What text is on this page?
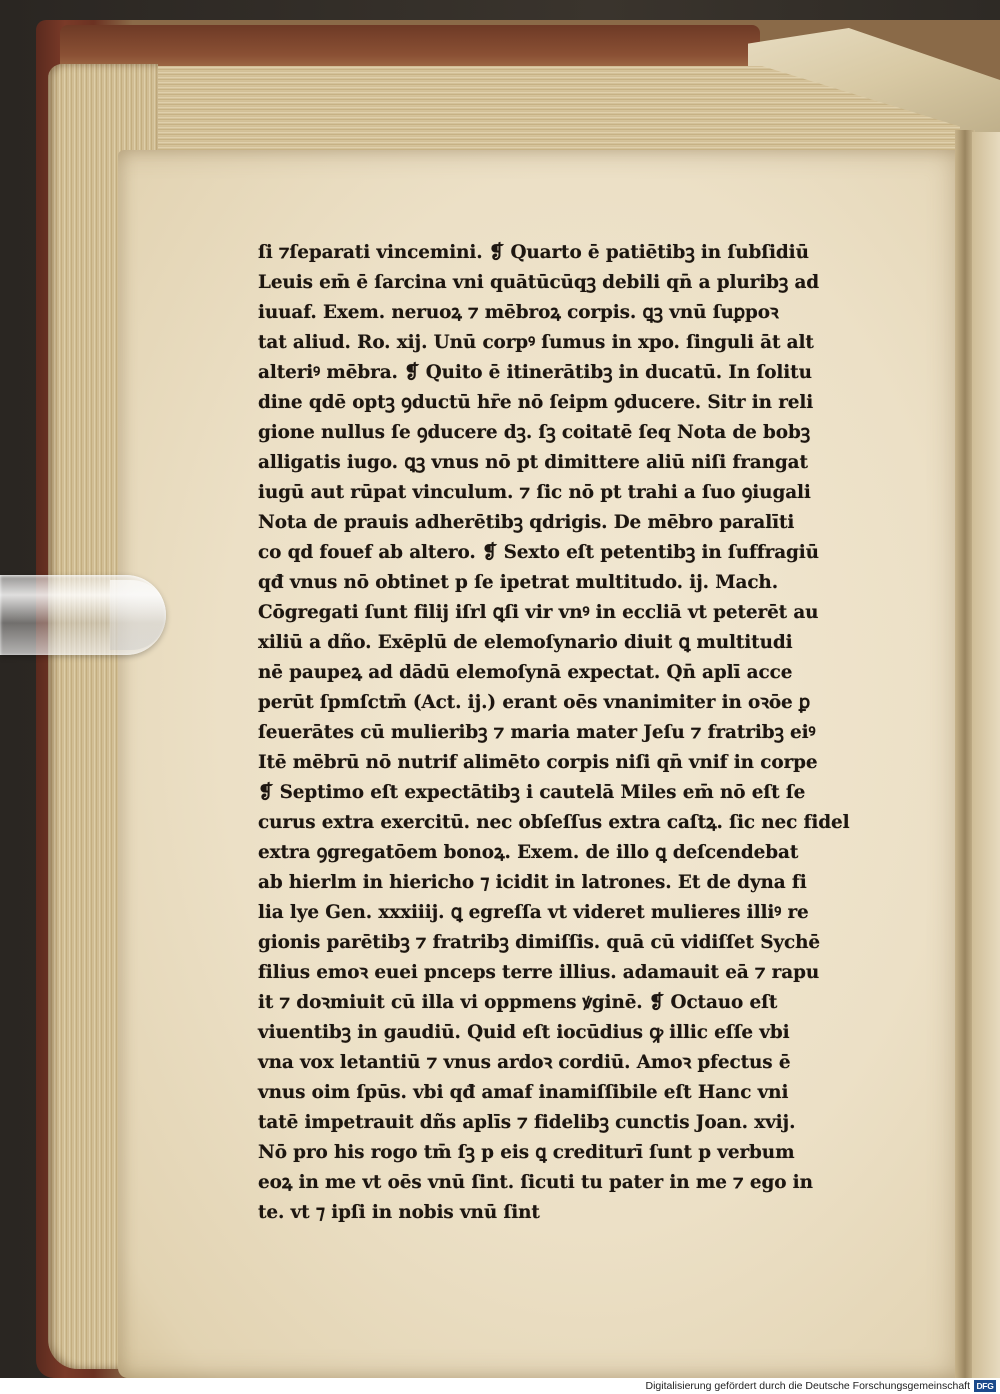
ſi ⁊ſeparati vincemini. ❡ Quarto ē patiētibꝫ in ſubſidiū

Leuis em̄ ē ſarcina vni quātūcūqꝫ debili qn̄ a pluribꝫ ad

iuuaf. Exem. neruoꝝ ⁊ mēbroꝝ corpis. ꝗꝫ vnū ſuꝑpoꝛ

tat aliud. Ro. xij. Unū corpꝰ ſumus in xpo. ſinguli āt alt

alteriꝰ mēbra. ❡ Quito ē itinerātibꝫ in ducatū. In ſolitu

dine qdē optꝫ ꝯductū hr̄e nō ſeipm ꝯducere. Sitr in reli

gione nullus ſe ꝯducere dꝫ. ſꝫ coitatē ſeq Nota de bobꝫ

alligatis iugo. ꝗꝫ vnus nō pt dimittere aliū niſi frangat

iugū aut rūpat vinculum. ⁊ ſic nō pt trahi a ſuo ꝯiugali

Nota de prauis adherētibꝫ qdrigis. De mēbro paralīti

co qd fouef ab altero. ❡ Sexto eſt petentibꝫ in ſuffragiū

qđ vnus nō obtinet p ſe ipetrat multitudo. ij. Mach.

Cōgregati ſunt filij iſrl ꝗſi vir vnꝰ in eccliā vt peterēt au

xiliū a dño. Exēplū de elemoſynario diuit ꝗ multitudi

nē paupeꝝ ad dādū elemoſynā expectat. Qn̄ aplī acce

perūt ſpmſctm̄ (Act. ij.) erant oēs vnanimiter in oꝛōe ꝑ

ſeuerātes cū mulieribꝫ ⁊ maria mater Jeſu ⁊ fratribꝫ eiꝰ

Itē mēbrū nō nutrif alimēto corpis niſi qn̄ vnif in corpe

❡ Septimo eſt expectātibꝫ i cautelā Miles em̄ nō eſt ſe

curus extra exercitū. nec obſeſſus extra caſtꝝ. ſic nec fidel

extra ꝯgregatōem bonoꝝ. Exem. de illo ꝗ deſcendebat

ab hierlm in hiericho ⁊ icidit in latrones. Et de dyna fi

lia lye Gen. xxxiiij. ꝗ egreſſa vt videret mulieres illiꝰ re

gionis parētibꝫ ⁊ fratribꝫ dimiſſis. quā cū vidiſſet Sychē

filius emoꝛ euei pnceps terre illius. adamauit eā ⁊ rapu

it ⁊ doꝛmiuit cū illa vi oppmens ꝟginē. ❡ Octauo eſt

viuentibꝫ in gaudiū. Quid eſt iocūdius ꝙ illic eſſe vbi

vna vox letantiū ⁊ vnus ardoꝛ cordiū. Amoꝛ pfectus ē

vnus oim ſpūs. vbi qđ amaf inamiſſibile eſt Hanc vni

tatē impetrauit dñs aplīs ⁊ fidelibꝫ cunctis Joan. xvij.

Nō pro his rogo tm̄ ſꝫ p eis ꝗ crediturī ſunt p verbum

eoꝝ in me vt oēs vnū ſint. ſicuti tu pater in me ⁊ ego in

te. vt ⁊ ipſi in nobis vnū ſint

Digitalisierung gefördert durch die Deutsche Forschungsgemeinschaft DFG
